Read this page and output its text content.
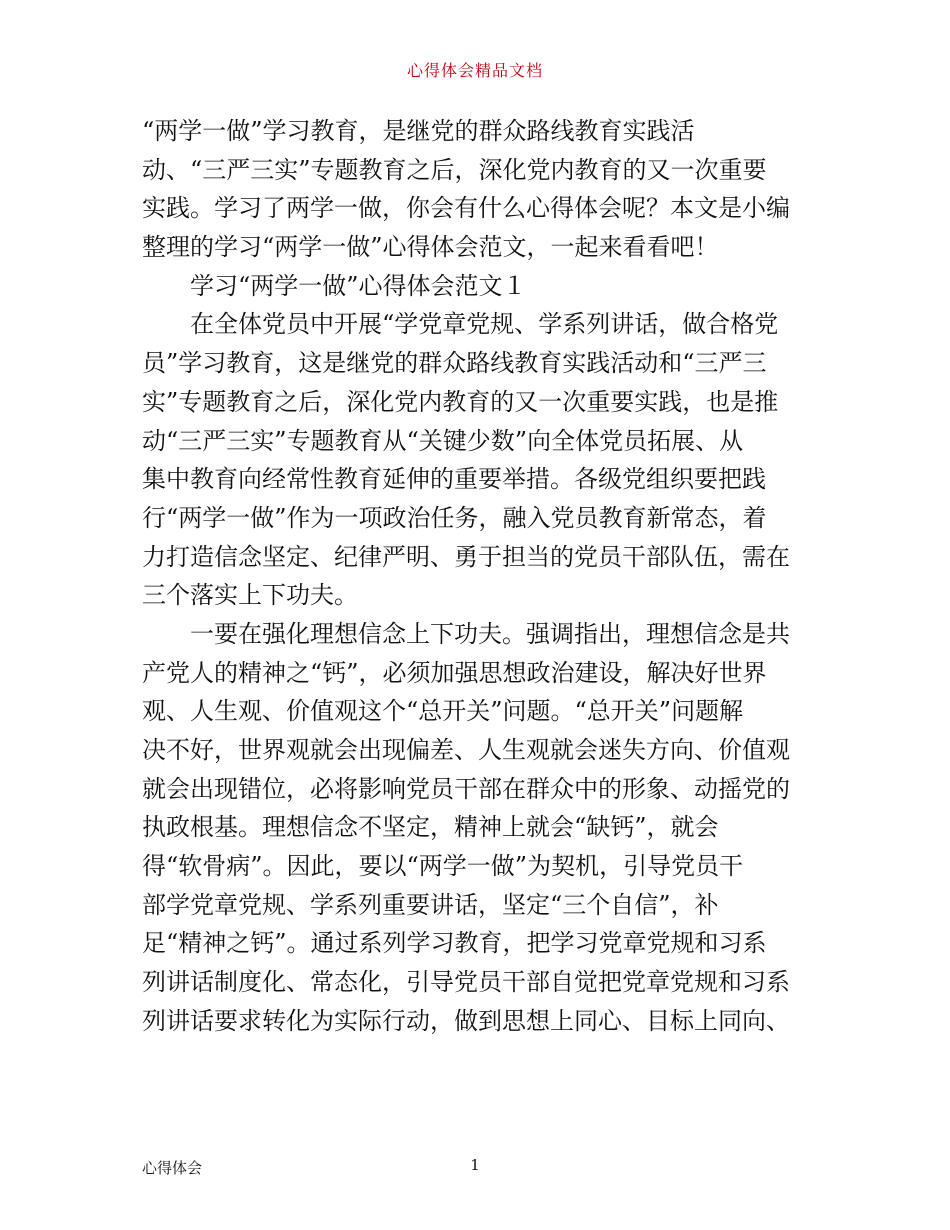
心得体会精品文档
“两学一做”学习教育，是继党的群众路线教育实践活
动、“三严三实”专题教育之后，深化党内教育的又一次重要
实践。学习了两学一做，你会有什么心得体会呢？本文是小编
整理的学习“两学一做”心得体会范文，一起来看看吧！
学习“两学一做”心得体会范文１
在全体党员中开展“学党章党规、学系列讲话，做合格党
员”学习教育，这是继党的群众路线教育实践活动和“三严三
实”专题教育之后，深化党内教育的又一次重要实践，也是推
动“三严三实”专题教育从“关键少数”向全体党员拓展、从
集中教育向经常性教育延伸的重要举措。各级党组织要把践
行“两学一做”作为一项政治任务，融入党员教育新常态，着
力打造信念坚定、纪律严明、勇于担当的党员干部队伍，需在
三个落实上下功夫。
一要在强化理想信念上下功夫。强调指出，理想信念是共
产党人的精神之“钙”，必须加强思想政治建设，解决好世界
观、人生观、价值观这个“总开关”问题。“总开关”问题解
决不好，世界观就会出现偏差、人生观就会迷失方向、价值观
就会出现错位，必将影响党员干部在群众中的形象、动摇党的
执政根基。理想信念不坚定，精神上就会“缺钙”，就会
得“软骨病”。因此，要以“两学一做”为契机，引导党员干
部学党章党规、学系列重要讲话，坚定“三个自信”，补
足“精神之钙”。通过系列学习教育，把学习党章党规和习系
列讲话制度化、常态化，引导党员干部自觉把党章党规和习系
列讲话要求转化为实际行动，做到思想上同心、目标上同向、
心得体会	1
